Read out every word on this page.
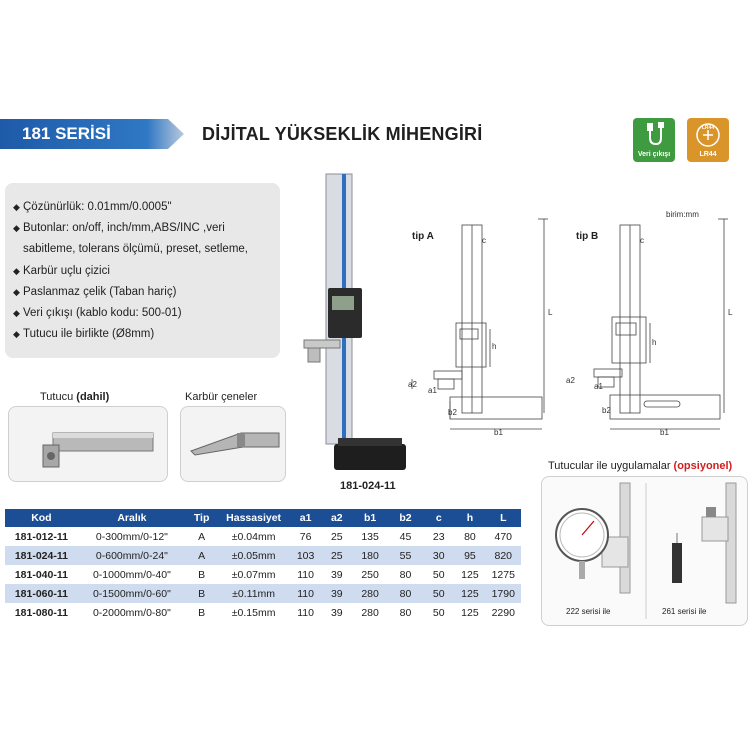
181 SERİSİ	DİJİTAL YÜKSEKLİK MİHENGİRİ
Veri çıkışı
LR44
LR44
◆ Çözünürlük: 0.01mm/0.0005"
◆ Butonlar: on/off, inch/mm,ABS/INC ,veri
sabitleme, tolerans ölçümü, preset, setleme,
◆ Karbür uçlu çizici
◆ Paslanmaz çelik (Taban hariç)
◆ Veri çıkışı (kablo kodu: 500-01)
◆ Tutucu ile birlikte (Ø8mm)
Tutucu (dahil)	Karbür çeneler
181-024-11
birim:mm
tip A	c
h
L
a2
a1
b2
b1
tip B	c
h
L
a2
a1
b2
b1
Tutucular ile uygulamalar (opsiyonel)
222 serisi ile	261 serisi ile
Kod	Aralık	Tip	Hassasiyet	a1	a2	b1	b2	c	h	L
181-012-11	0-300mm/0-12"	A	±0.04mm	76	25	135	45	23	80	470
181-024-11	0-600mm/0-24"	A	±0.05mm	103	25	180	55	30	95	820
181-040-11	0-1000mm/0-40"	B	±0.07mm	110	39	250	80	50	125	1275
181-060-11	0-1500mm/0-60"	B	±0.11mm	110	39	280	80	50	125	1790
181-080-11	0-2000mm/0-80"	B	±0.15mm	110	39	280	80	50	125	2290
